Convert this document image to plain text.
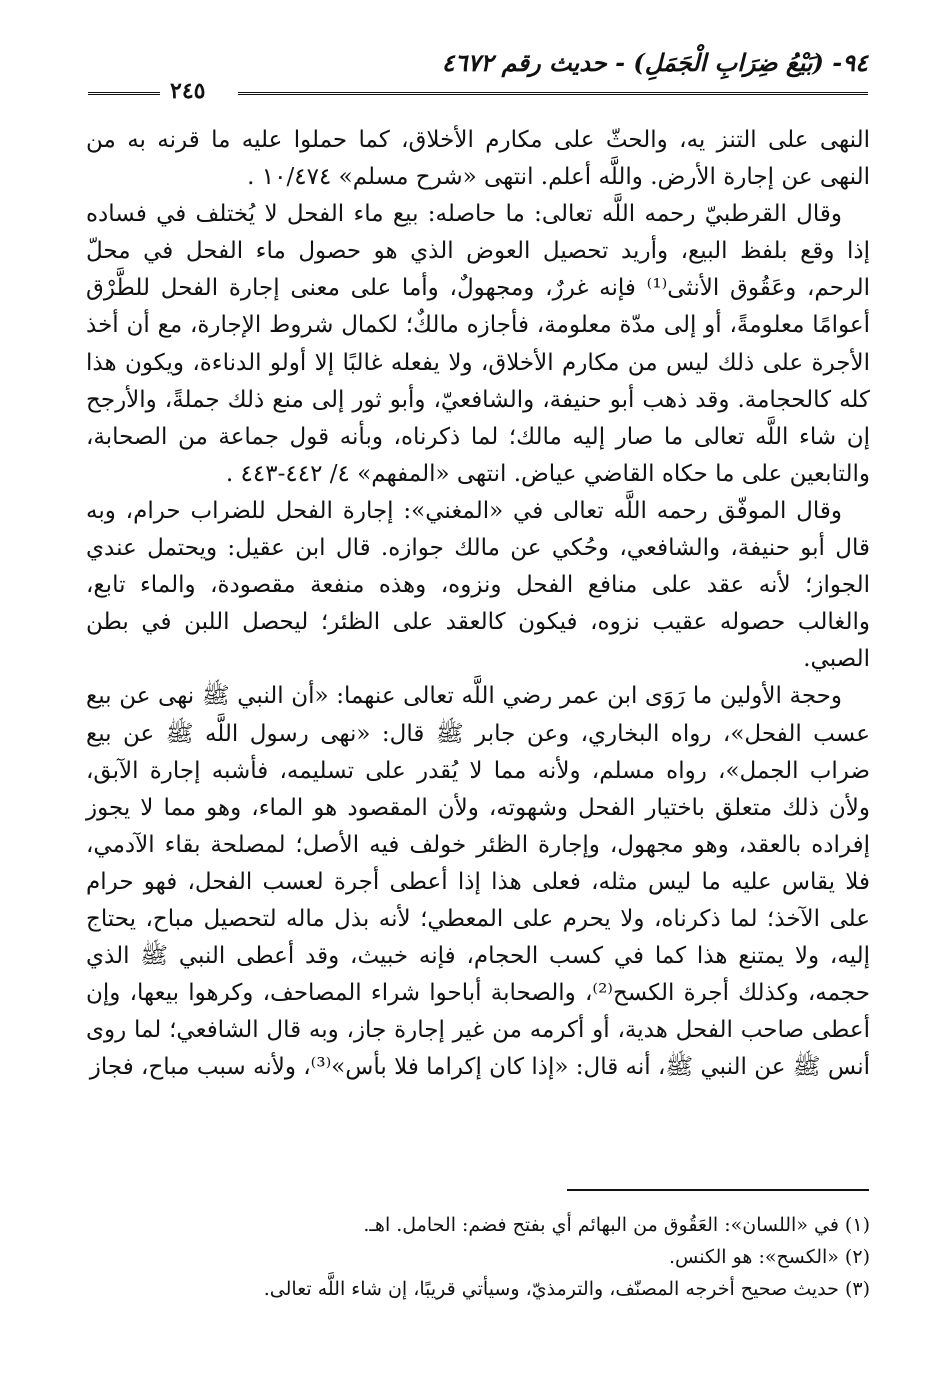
٩٤- (بَيْعُ ضِرَابِ الْجَمَلِ) - حديث رقم ٤٦٧٢
٢٤٥

النهى على التنز يه، والحثّ على مكارم الأخلاق، كما حملوا عليه ما قرنه به من النهى عن إجارة الأرض. واللَّه أعلم. انتهى «شرح مسلم» ١٠/٤٧٤ .

وقال القرطبيّ رحمه اللَّه تعالى: ما حاصله: بيع ماء الفحل لا يُختلف في فساده إذا وقع بلفظ البيع، وأريد تحصيل العوض الذي هو حصول ماء الفحل في محلّ الرحم، وعَقُوق الأنثى⁽¹⁾ فإنه غررٌ، ومجهولٌ، وأما على معنى إجارة الفحل للطَّرْق أعوامًا معلومةً، أو إلى مدّة معلومة، فأجازه مالكٌ؛ لكمال شروط الإجارة، مع أن أخذ الأجرة على ذلك ليس من مكارم الأخلاق، ولا يفعله غالبًا إلا أولو الدناءة، ويكون هذا كله كالحجامة. وقد ذهب أبو حنيفة، والشافعيّ، وأبو ثور إلى منع ذلك جملةً، والأرجح إن شاء اللَّه تعالى ما صار إليه مالك؛ لما ذكرناه، وبأنه قول جماعة من الصحابة، والتابعين على ما حكاه القاضي عياض. انتهى «المفهم» ٤/ ٤٤٢-٤٤٣ .

وقال الموفّق رحمه اللَّه تعالى في «المغني»: إجارة الفحل للضراب حرام، وبه قال أبو حنيفة، والشافعي، وحُكي عن مالك جوازه. قال ابن عقيل: ويحتمل عندي الجواز؛ لأنه عقد على منافع الفحل ونزوه، وهذه منفعة مقصودة، والماء تابع، والغالب حصوله عقيب نزوه، فيكون كالعقد على الظئر؛ ليحصل اللبن في بطن الصبي.

وحجة الأولين ما رَوَى ابن عمر رضي اللَّه تعالى عنهما: «أن النبي ﷺ نهى عن بيع عسب الفحل»، رواه البخاري، وعن جابر ﷺ قال: «نهى رسول اللَّه ﷺ عن بيع ضراب الجمل»، رواه مسلم، ولأنه مما لا يُقدر على تسليمه، فأشبه إجارة الآبق، ولأن ذلك متعلق باختيار الفحل وشهوته، ولأن المقصود هو الماء، وهو مما لا يجوز إفراده بالعقد، وهو مجهول، وإجارة الظئر خولف فيه الأصل؛ لمصلحة بقاء الآدمي، فلا يقاس عليه ما ليس مثله، فعلى هذا إذا أعطى أجرة لعسب الفحل، فهو حرام على الآخذ؛ لما ذكرناه، ولا يحرم على المعطي؛ لأنه بذل ماله لتحصيل مباح، يحتاج إليه، ولا يمتنع هذا كما في كسب الحجام، فإنه خبيث، وقد أعطى النبي ﷺ الذي حجمه، وكذلك أجرة الكسح⁽²⁾، والصحابة أباحوا شراء المصاحف، وكرهوا بيعها، وإن أعطى صاحب الفحل هدية، أو أكرمه من غير إجارة جاز، وبه قال الشافعي؛ لما روى أنس ﷺ عن النبي ﷺ، أنه قال: «إذا كان إكراما فلا بأس»⁽³⁾، ولأنه سبب مباح، فجاز

(١) في «اللسان»: العَقُوق من البهائم أي بفتح فضم: الحامل. اهـ.
(٢) «الكسح»: هو الكنس.
(٣) حديث صحيح أخرجه المصنّف، والترمذيّ، وسيأتي قريبًا، إن شاء اللَّه تعالى.
